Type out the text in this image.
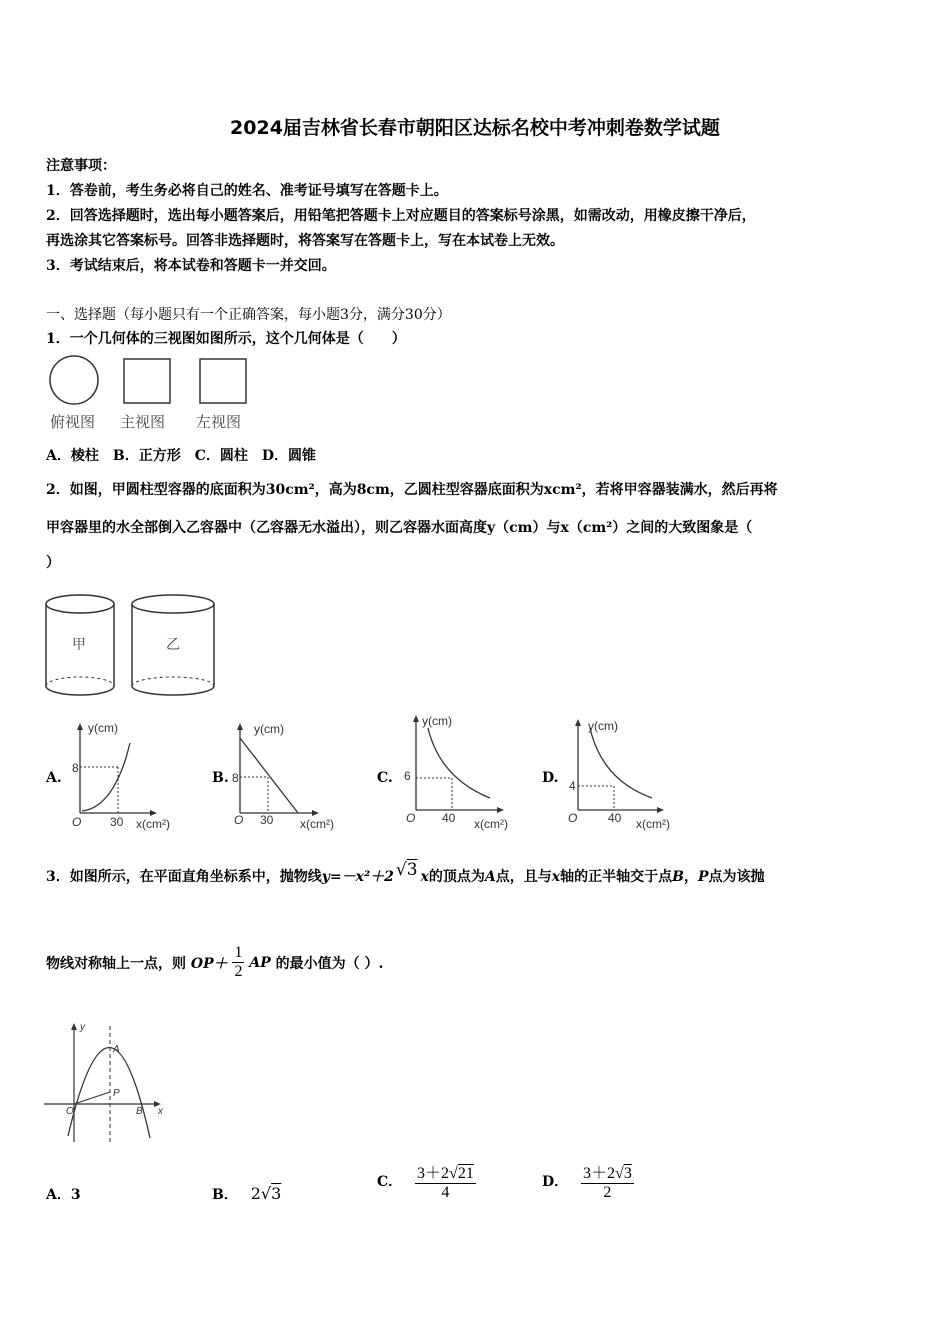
2024届吉林省长春市朝阳区达标名校中考冲刺卷数学试题
注意事项：
1．答卷前，考生务必将自己的姓名、准考证号填写在答题卡上。
2．回答选择题时，选出每小题答案后，用铅笔把答题卡上对应题目的答案标号涂黑，如需改动，用橡皮擦干净后，
再选涂其它答案标号。回答非选择题时，将答案写在答题卡上，写在本试卷上无效。
3．考试结束后，将本试卷和答题卡一并交回。
一、选择题（每小题只有一个正确答案，每小题3分，满分30分）
1．一个几何体的三视图如图所示，这个几何体是（　　）
俯视图 主视图 左视图
A．棱柱　B．正方形　C．圆柱　D．圆锥
2．如图，甲圆柱型容器的底面积为30cm²，高为8cm，乙圆柱型容器底面积为xcm²，若将甲容器装满水，然后再将
甲容器里的水全部倒入乙容器中（乙容器无水溢出），则乙容器水面高度y（cm）与x（cm²）之间的大致图象是（
）
甲	乙
A.
y(cm)
8
30
O	x(cm²)
B.
y(cm)
8
30
O	x(cm²)
C.
y(cm)
6
40
O	x(cm²)
D.
y(cm)
4
40
O	x(cm²)
3．如图所示，在平面直角坐标系中，抛物线y=－x²＋2 √3 x的顶点为A点，且与x轴的正半轴交于点B，P点为该抛
物线对称轴上一点，则 $OP+ \frac{1}{2}$ AP 的最小值为（ ）.
y
x
O
A
P
B
A．3	B． 2√3
C． $\frac{3+2√21}{4}$	D． $\frac{3+2√3}{2}$
